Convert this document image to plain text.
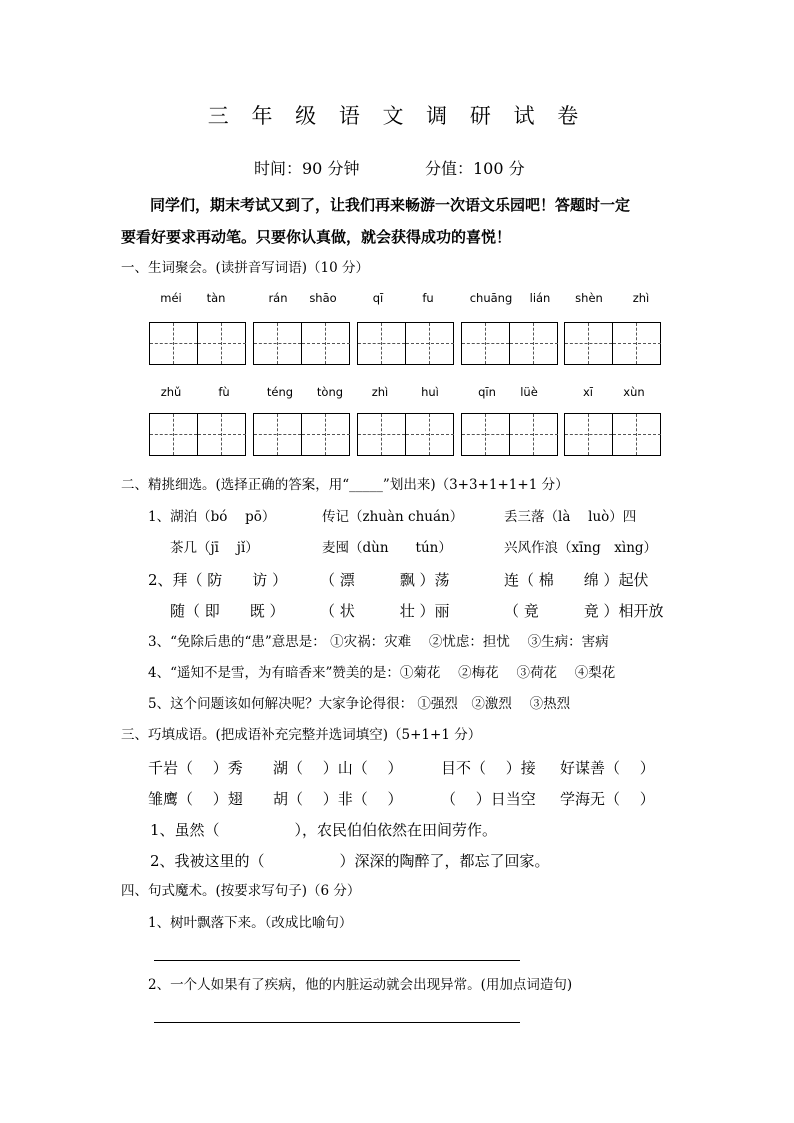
三 年 级 语 文 调 研 试 卷
时间：90 分钟	分值：100 分
同学们，期末考试又到了，让我们再来畅游一次语文乐园吧！答题时一定
要看好要求再动笔。只要你认真做，就会获得成功的喜悦！
一、生词聚会。(读拼音写词语)（10 分）
méi	tàn	rán	shāo	qī	fu	chuāng	lián	shèn	zhì
zhǔ	fù	téng	tòng	zhì	huì	qīn	lüè	xī	xùn
二、精挑细选。(选择正确的答案，用“_____”划出来)（3+3+1+1+1 分）
1、湖泊（bó　 pō）	传记（zhuàn chuán）	丢三落（là　 luò）四
茶几（jī　 jǐ）	麦囤（dùn　　tún）	兴风作浪（xīng　xìng）
2、拜（ 防　　访 ） （ 漂　　　飘 ）荡	连（ 棉　　绵 ）起伏
随（ 即　　既 ） （ 状　　　壮 ）丽	（ 竟　　　竟 ）相开放
3、“免除后患的“患”意思是： ①灾祸：灾难　 ②忧虑：担忧　 ③生病：害病
4、“遥知不是雪，为有暗香来”赞美的是：①菊花　 ②梅花　 ③荷花　 ④梨花
5、这个问题该如何解决呢？大家争论得很： ①强烈　②激烈　 ③热烈
三、巧填成语。(把成语补充完整并选词填空)（5+1+1 分）
千岩（　 ）秀 湖（　 ）山（　 ）	目不（　 ）接 好谋善（　 ）
雏鹰（　 ）翅 胡（　 ）非（　 ）	（　 ）日当空 学海无（　 ）
1、虽然（　　　　　），农民伯伯依然在田间劳作。
2、我被这里的（　　　　　）深深的陶醉了，都忘了回家。
四、句式魔术。(按要求写句子)（6 分）
1、树叶飘落下来。（改成比喻句）
2、一个人如果有了疾病，他的内脏运动就会出现异常。(用加点词造句)
